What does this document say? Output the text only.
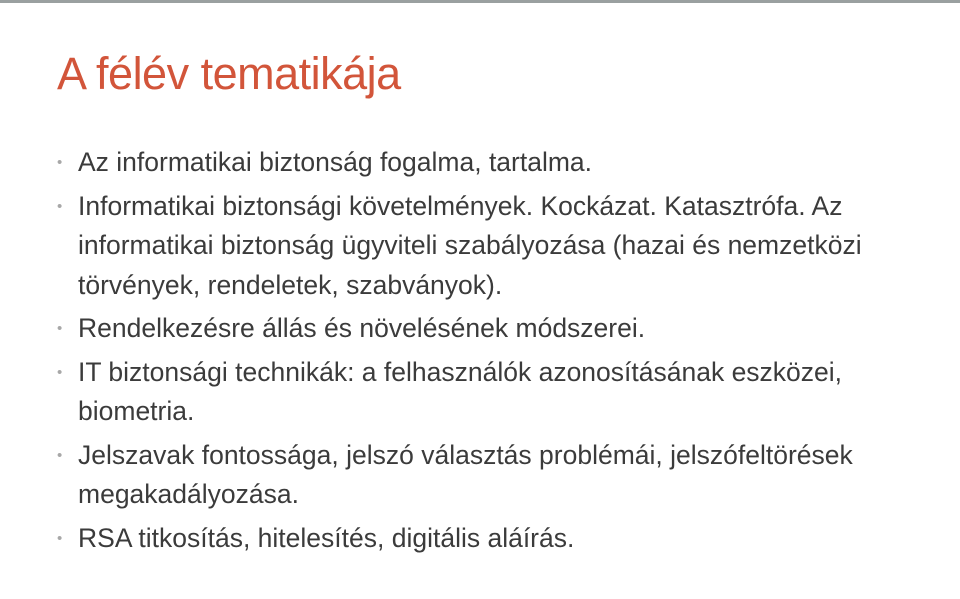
A félév tematikája
• Az informatikai biztonság fogalma, tartalma.
• Informatikai biztonsági követelmények. Kockázat. Katasztrófa. Az informatikai biztonság ügyviteli szabályozása (hazai és nemzetközi törvények, rendeletek, szabványok).
• Rendelkezésre állás és növelésének módszerei.
• IT biztonsági technikák: a felhasználók azonosításának eszközei, biometria.
• Jelszavak fontossága, jelszó választás problémái, jelszófeltörések megakadályozása.
• RSA titkosítás, hitelesítés, digitális aláírás.
